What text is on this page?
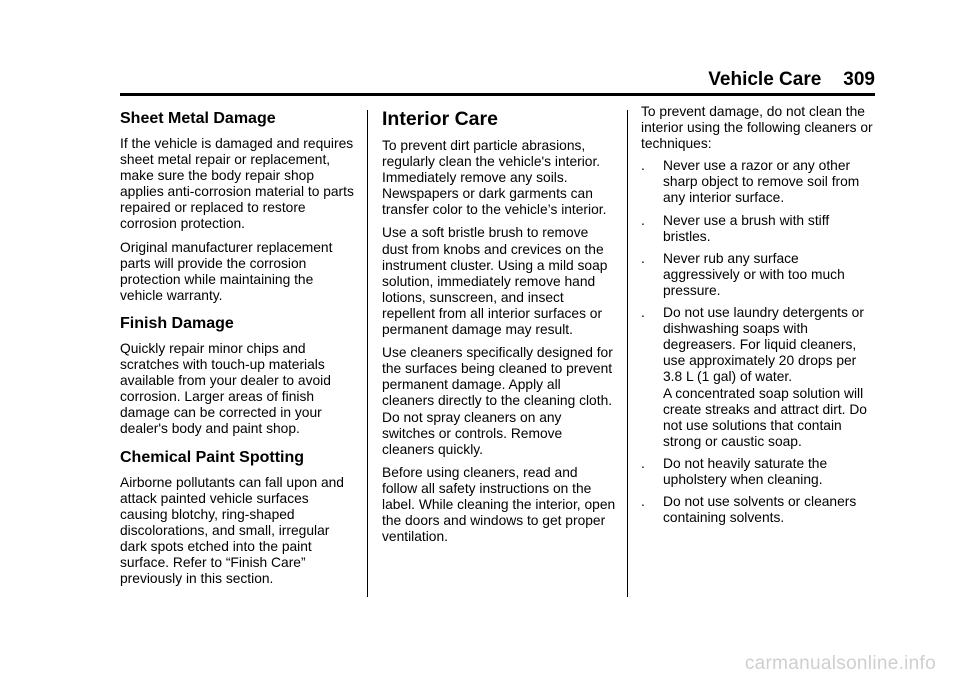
Vehicle Care 309
Sheet Metal Damage

If the vehicle is damaged and requires sheet metal repair or replacement, make sure the body repair shop applies anti-corrosion material to parts repaired or replaced to restore corrosion protection.

Original manufacturer replacement parts will provide the corrosion protection while maintaining the vehicle warranty.

Finish Damage

Quickly repair minor chips and scratches with touch-up materials available from your dealer to avoid corrosion. Larger areas of finish damage can be corrected in your dealer's body and paint shop.

Chemical Paint Spotting

Airborne pollutants can fall upon and attack painted vehicle surfaces causing blotchy, ring-shaped discolorations, and small, irregular dark spots etched into the paint surface. Refer to “Finish Care” previously in this section.

Interior Care

To prevent dirt particle abrasions, regularly clean the vehicle's interior. Immediately remove any soils. Newspapers or dark garments can transfer color to the vehicle’s interior.

Use a soft bristle brush to remove dust from knobs and crevices on the instrument cluster. Using a mild soap solution, immediately remove hand lotions, sunscreen, and insect repellent from all interior surfaces or permanent damage may result.

Use cleaners specifically designed for the surfaces being cleaned to prevent permanent damage. Apply all cleaners directly to the cleaning cloth. Do not spray cleaners on any switches or controls. Remove cleaners quickly.

Before using cleaners, read and follow all safety instructions on the label. While cleaning the interior, open the doors and windows to get proper ventilation.

To prevent damage, do not clean the interior using the following cleaners or techniques:

.	Never use a razor or any other sharp object to remove soil from any interior surface.
.	Never use a brush with stiff bristles.
.	Never rub any surface aggressively or with too much pressure.
.	Do not use laundry detergents or dishwashing soaps with degreasers. For liquid cleaners, use approximately 20 drops per 3.8 L (1 gal) of water.
A concentrated soap solution will create streaks and attract dirt. Do not use solutions that contain strong or caustic soap.
.	Do not heavily saturate the upholstery when cleaning.
.	Do not use solvents or cleaners containing solvents.
carmanualsonline.info
